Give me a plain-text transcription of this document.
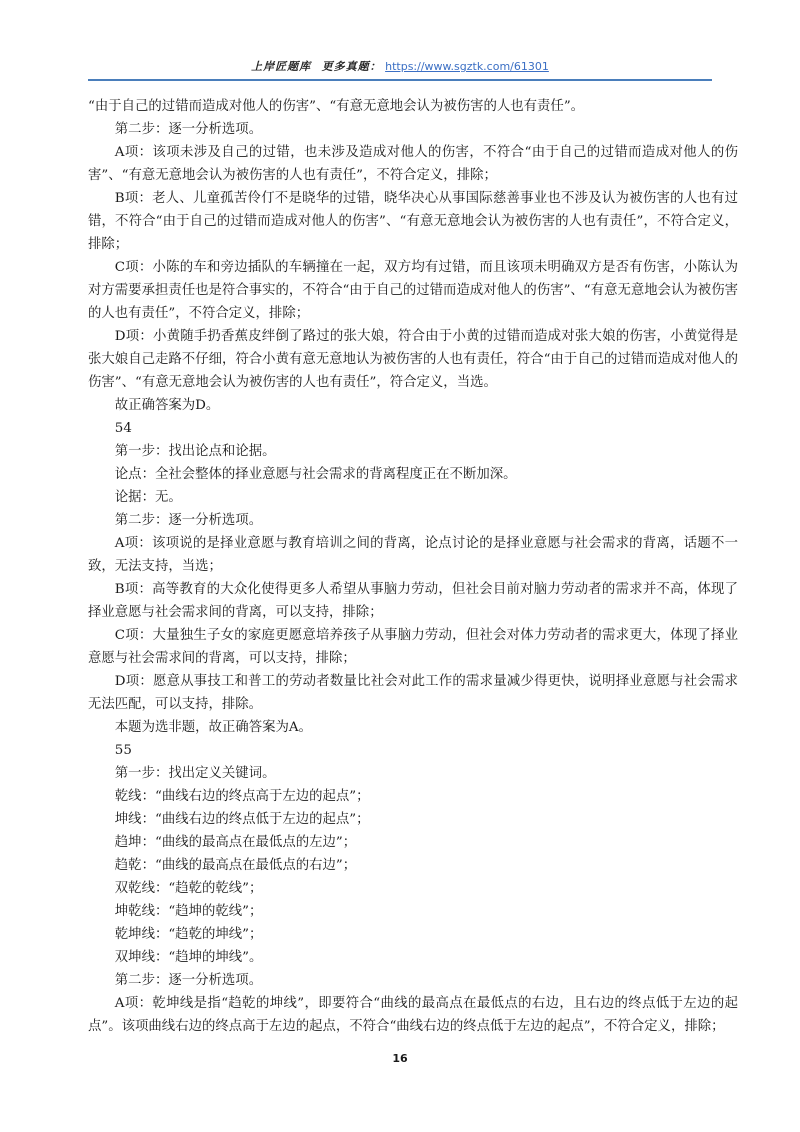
上岸匠题库 更多真题： https://www.sgztk.com/61301

“由于自己的过错而造成对他人的伤害”、“有意无意地会认为被伤害的人也有责任”。

第二步：逐一分析选项。

A项：该项未涉及自己的过错，也未涉及造成对他人的伤害，不符合“由于自己的过错而造成对他人的伤害”、“有意无意地会认为被伤害的人也有责任”，不符合定义，排除；

B项：老人、儿童孤苦伶仃不是晓华的过错，晓华决心从事国际慈善事业也不涉及认为被伤害的人也有过错，不符合“由于自己的过错而造成对他人的伤害”、“有意无意地会认为被伤害的人也有责任”，不符合定义，排除；

C项：小陈的车和旁边插队的车辆撞在一起，双方均有过错，而且该项未明确双方是否有伤害，小陈认为对方需要承担责任也是符合事实的，不符合“由于自己的过错而造成对他人的伤害”、“有意无意地会认为被伤害的人也有责任”，不符合定义，排除；

D项：小黄随手扔香蕉皮绊倒了路过的张大娘，符合由于小黄的过错而造成对张大娘的伤害，小黄觉得是张大娘自己走路不仔细，符合小黄有意无意地认为被伤害的人也有责任，符合“由于自己的过错而造成对他人的伤害”、“有意无意地会认为被伤害的人也有责任”，符合定义，当选。

故正确答案为D。

54

第一步：找出论点和论据。

论点：全社会整体的择业意愿与社会需求的背离程度正在不断加深。

论据：无。

第二步：逐一分析选项。

A项：该项说的是择业意愿与教育培训之间的背离，论点讨论的是择业意愿与社会需求的背离，话题不一致，无法支持，当选；

B项：高等教育的大众化使得更多人希望从事脑力劳动，但社会目前对脑力劳动者的需求并不高，体现了择业意愿与社会需求间的背离，可以支持，排除；

C项：大量独生子女的家庭更愿意培养孩子从事脑力劳动，但社会对体力劳动者的需求更大，体现了择业意愿与社会需求间的背离，可以支持，排除；

D项：愿意从事技工和普工的劳动者数量比社会对此工作的需求量减少得更快，说明择业意愿与社会需求无法匹配，可以支持，排除。

本题为选非题，故正确答案为A。

55

第一步：找出定义关键词。

乾线：“曲线右边的终点高于左边的起点”；

坤线：“曲线右边的终点低于左边的起点”；

趋坤：“曲线的最高点在最低点的左边”；

趋乾：“曲线的最高点在最低点的右边”；

双乾线：“趋乾的乾线”；

坤乾线：“趋坤的乾线”；

乾坤线：“趋乾的坤线”；

双坤线：“趋坤的坤线”。

第二步：逐一分析选项。

A项：乾坤线是指“趋乾的坤线”，即要符合“曲线的最高点在最低点的右边，且右边的终点低于左边的起点”。该项曲线右边的终点高于左边的起点，不符合“曲线右边的终点低于左边的起点”，不符合定义，排除；

16
